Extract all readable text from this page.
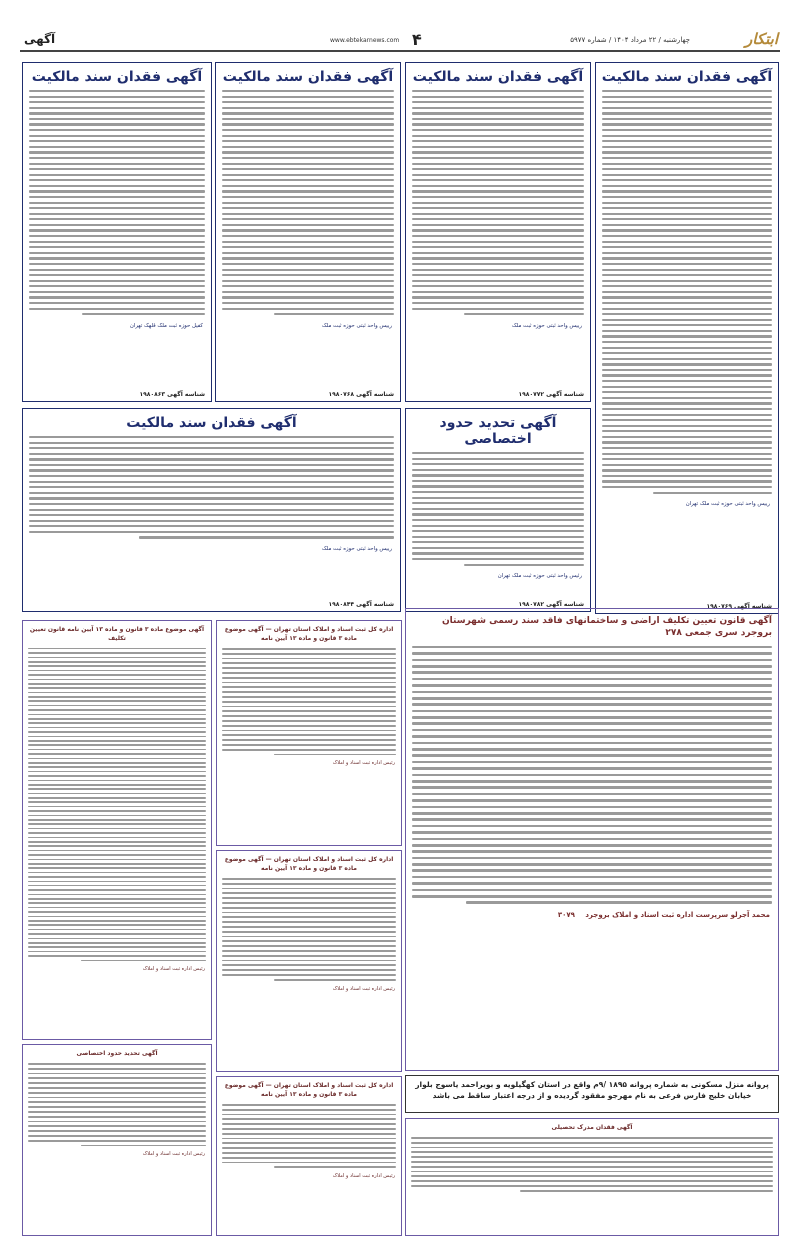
ابتکار
چهارشنبه / ۲۲ مرداد ۱۴۰۴ / شماره ۵۹۷۷
www.ebtekarnews.com ۴
آگهی
آگهی فقدان سند مالکیت
رییس واحد ثبتی حوزه ثبت ملک تهران
شناسه آگهی ۱۹۸۰۷۶۹
آگهی فقدان سند مالکیت
رییس واحد ثبتی حوزه ثبت ملک
شناسه آگهی ۱۹۸۰۷۷۲
آگهی فقدان سند مالکیت
رییس واحد ثبتی حوزه ثبت ملک
شناسه آگهی ۱۹۸۰۷۶۸
آگهی فقدان سند مالکیت
کفیل حوزه ثبت ملک قلهک تهران
شناسه آگهی ۱۹۸۰۸۶۳
آگهی تحدید حدود اختصاصی
رئیس واحد ثبتی حوزه ثبت ملک تهران
شناسه آگهی ۱۹۸۰۷۸۲
آگهی فقدان سند مالکیت
رییس واحد ثبتی حوزه ثبت ملک
شناسه آگهی ۱۹۸۰۸۴۴
آگهی قانون تعیین تکلیف اراضی و ساختمانهای فاقد سند رسمی شهرستان بروجرد سری جمعی ۲۷۸
محمد آجرلو سرپرست اداره ثبت اسناد و املاک بروجرد ۳۰۷۹
اداره کل ثبت اسناد و املاک استان تهران — آگهی موضوع ماده ۳ قانون و ماده ۱۳ آیین نامه
رئیس اداره ثبت اسناد و املاک
اداره کل ثبت اسناد و املاک استان تهران — آگهی موضوع ماده ۳ قانون و ماده ۱۳ آیین نامه
رئیس اداره ثبت اسناد و املاک
اداره کل ثبت اسناد و املاک استان تهران — آگهی موضوع ماده ۳ قانون و ماده ۱۳ آیین نامه
رئیس اداره ثبت اسناد و املاک
آگهی موضوع ماده ۳ قانون و ماده ۱۳ آیین نامه قانون تعیین تکلیف
رئیس اداره ثبت اسناد و املاک
آگهی تحدید حدود اختصاصی
رئیس اداره ثبت اسناد و املاک
پروانه منزل مسکونی به شماره پروانه ۱۸۹۵ /۹م واقع در استان کهگیلویه و بویراحمد یاسوج بلوار خیابان خلیج فارس فرعی به نام مهرجو مفقود گردیده و از درجه اعتبار ساقط می باشد
آگهی فقدان مدرک تحصیلی
